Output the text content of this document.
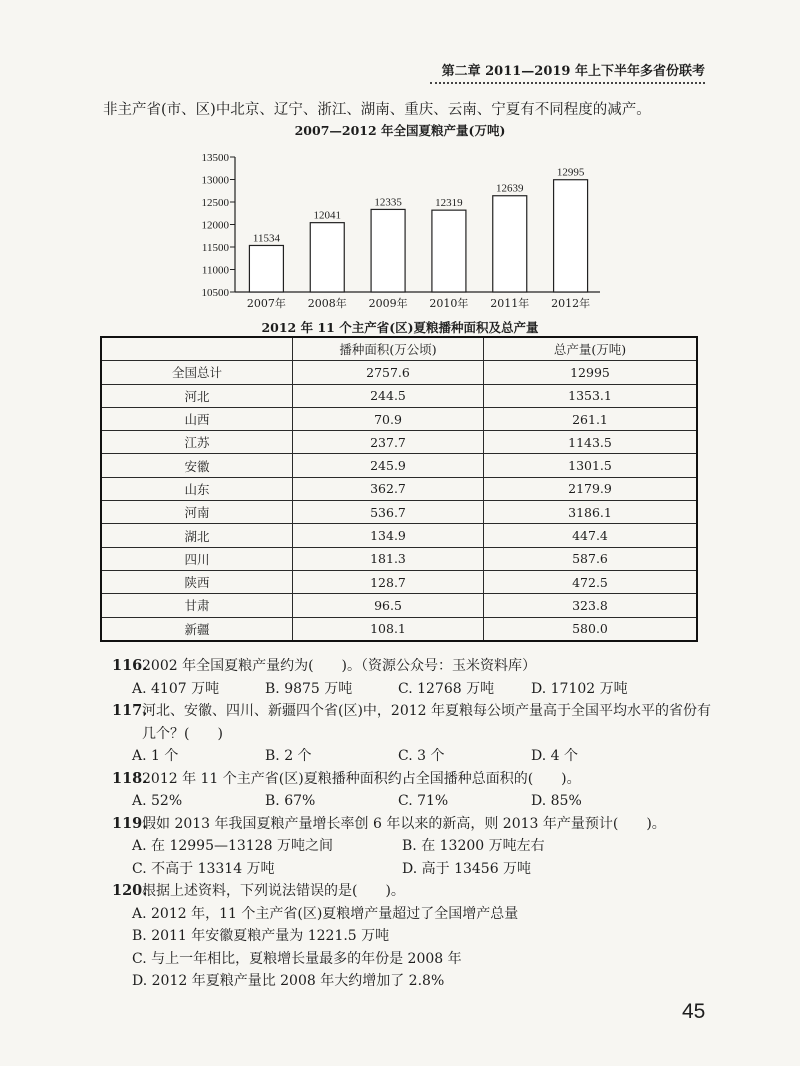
第二章 2011—2019 年上下半年多省份联考
非主产省(市、区)中北京、辽宁、浙江、湖南、重庆、云南、宁夏有不同程度的减产。
2007—2012 年全国夏粮产量(万吨)
10500
11000
11500
12000
12500
13000
13500
11534
2007年
12041
2008年
12335
2009年
12319
2010年
12639
2011年
12995
2012年
2012 年 11 个主产省(区)夏粮播种面积及总产量
	播种面积(万公顷)	总产量(万吨)
全国总计	2757.6	12995
河北	244.5	1353.1
山西	70.9	261.1
江苏	237.7	1143.5
安徽	245.9	1301.5
山东	362.7	2179.9
河南	536.7	3186.1
湖北	134.9	447.4
四川	181.3	587.6
陕西	128.7	472.5
甘肃	96.5	323.8
新疆	108.1	580.0
116.
2002 年全国夏粮产量约为(　　)。（资源公众号：玉米资料库）
A. 4107 万吨	B. 9875 万吨	C. 12768 万吨	D. 17102 万吨
117.
河北、安徽、四川、新疆四个省(区)中，2012 年夏粮每公顷产量高于全国平均水平的省份有
几个？(　　)
A. 1 个	B. 2 个	C. 3 个	D. 4 个
118.
2012 年 11 个主产省(区)夏粮播种面积约占全国播种总面积的(　　)。
A. 52%	B. 67%	C. 71%	D. 85%
119.
假如 2013 年我国夏粮产量增长率创 6 年以来的新高，则 2013 年产量预计(　　)。
A. 在 12995—13128 万吨之间	B. 在 13200 万吨左右
C. 不高于 13314 万吨	D. 高于 13456 万吨
120.
根据上述资料，下列说法错误的是(　　)。
A. 2012 年，11 个主产省(区)夏粮增产量超过了全国增产总量
B. 2011 年安徽夏粮产量为 1221.5 万吨
C. 与上一年相比，夏粮增长量最多的年份是 2008 年
D. 2012 年夏粮产量比 2008 年大约增加了 2.8%
45
